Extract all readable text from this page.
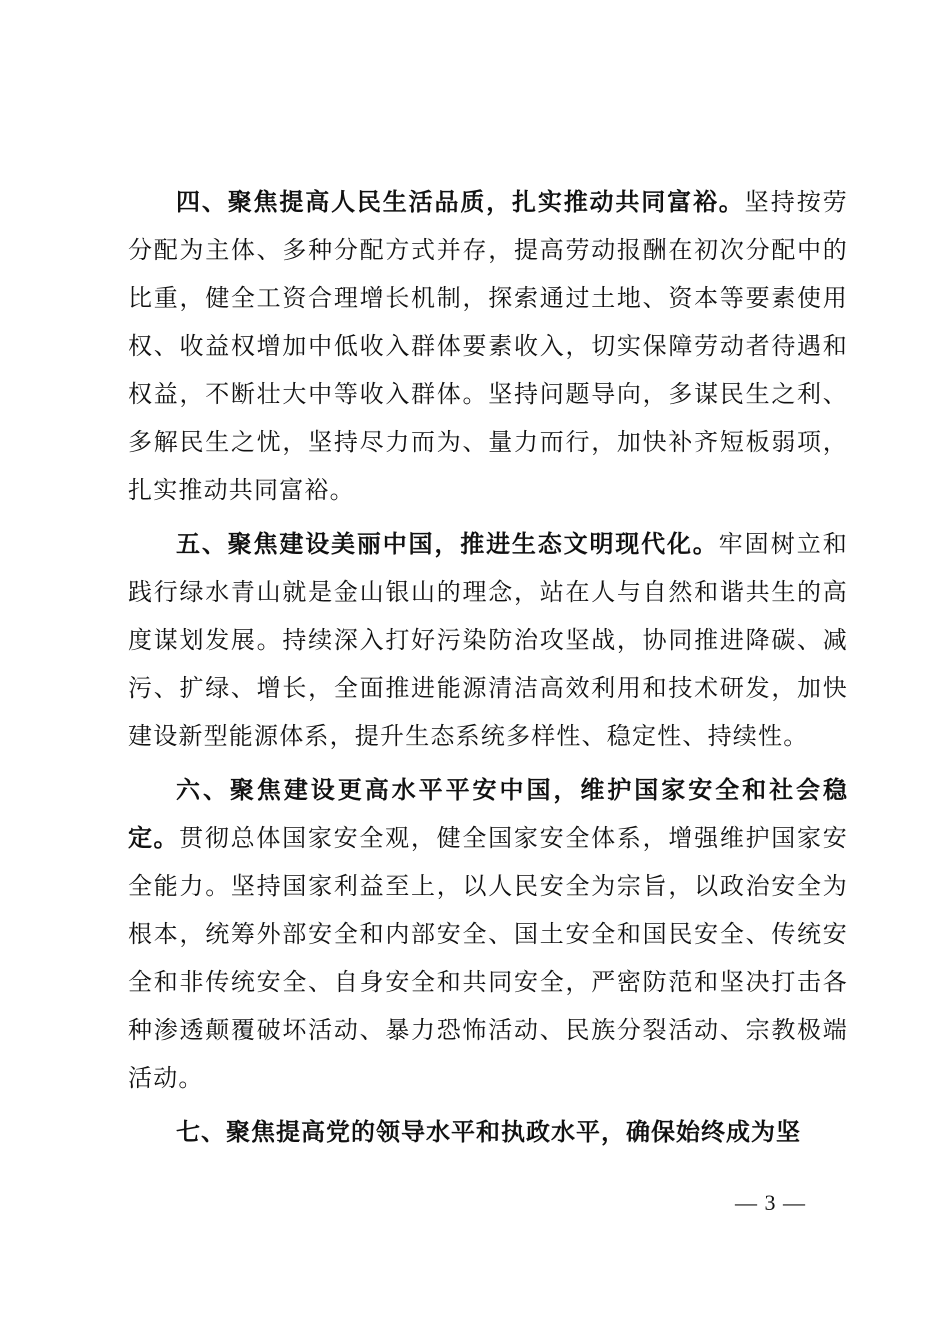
四、聚焦提高人民生活品质，扎实推动共同富裕。坚持按劳分配为主体、多种分配方式并存，提高劳动报酬在初次分配中的比重，健全工资合理增长机制，探索通过土地、资本等要素使用权、收益权增加中低收入群体要素收入，切实保障劳动者待遇和权益，不断壮大中等收入群体。坚持问题导向，多谋民生之利、多解民生之忧，坚持尽力而为、量力而行，加快补齐短板弱项，扎实推动共同富裕。

五、聚焦建设美丽中国，推进生态文明现代化。牢固树立和践行绿水青山就是金山银山的理念，站在人与自然和谐共生的高度谋划发展。持续深入打好污染防治攻坚战，协同推进降碳、减污、扩绿、增长，全面推进能源清洁高效利用和技术研发，加快建设新型能源体系，提升生态系统多样性、稳定性、持续性。

六、聚焦建设更高水平平安中国，维护国家安全和社会稳定。贯彻总体国家安全观，健全国家安全体系，增强维护国家安全能力。坚持国家利益至上，以人民安全为宗旨，以政治安全为根本，统筹外部安全和内部安全、国土安全和国民安全、传统安全和非传统安全、自身安全和共同安全，严密防范和坚决打击各种渗透颠覆破坏活动、暴力恐怖活动、民族分裂活动、宗教极端活动。

七、聚焦提高党的领导水平和执政水平，确保始终成为坚

— 3 —
